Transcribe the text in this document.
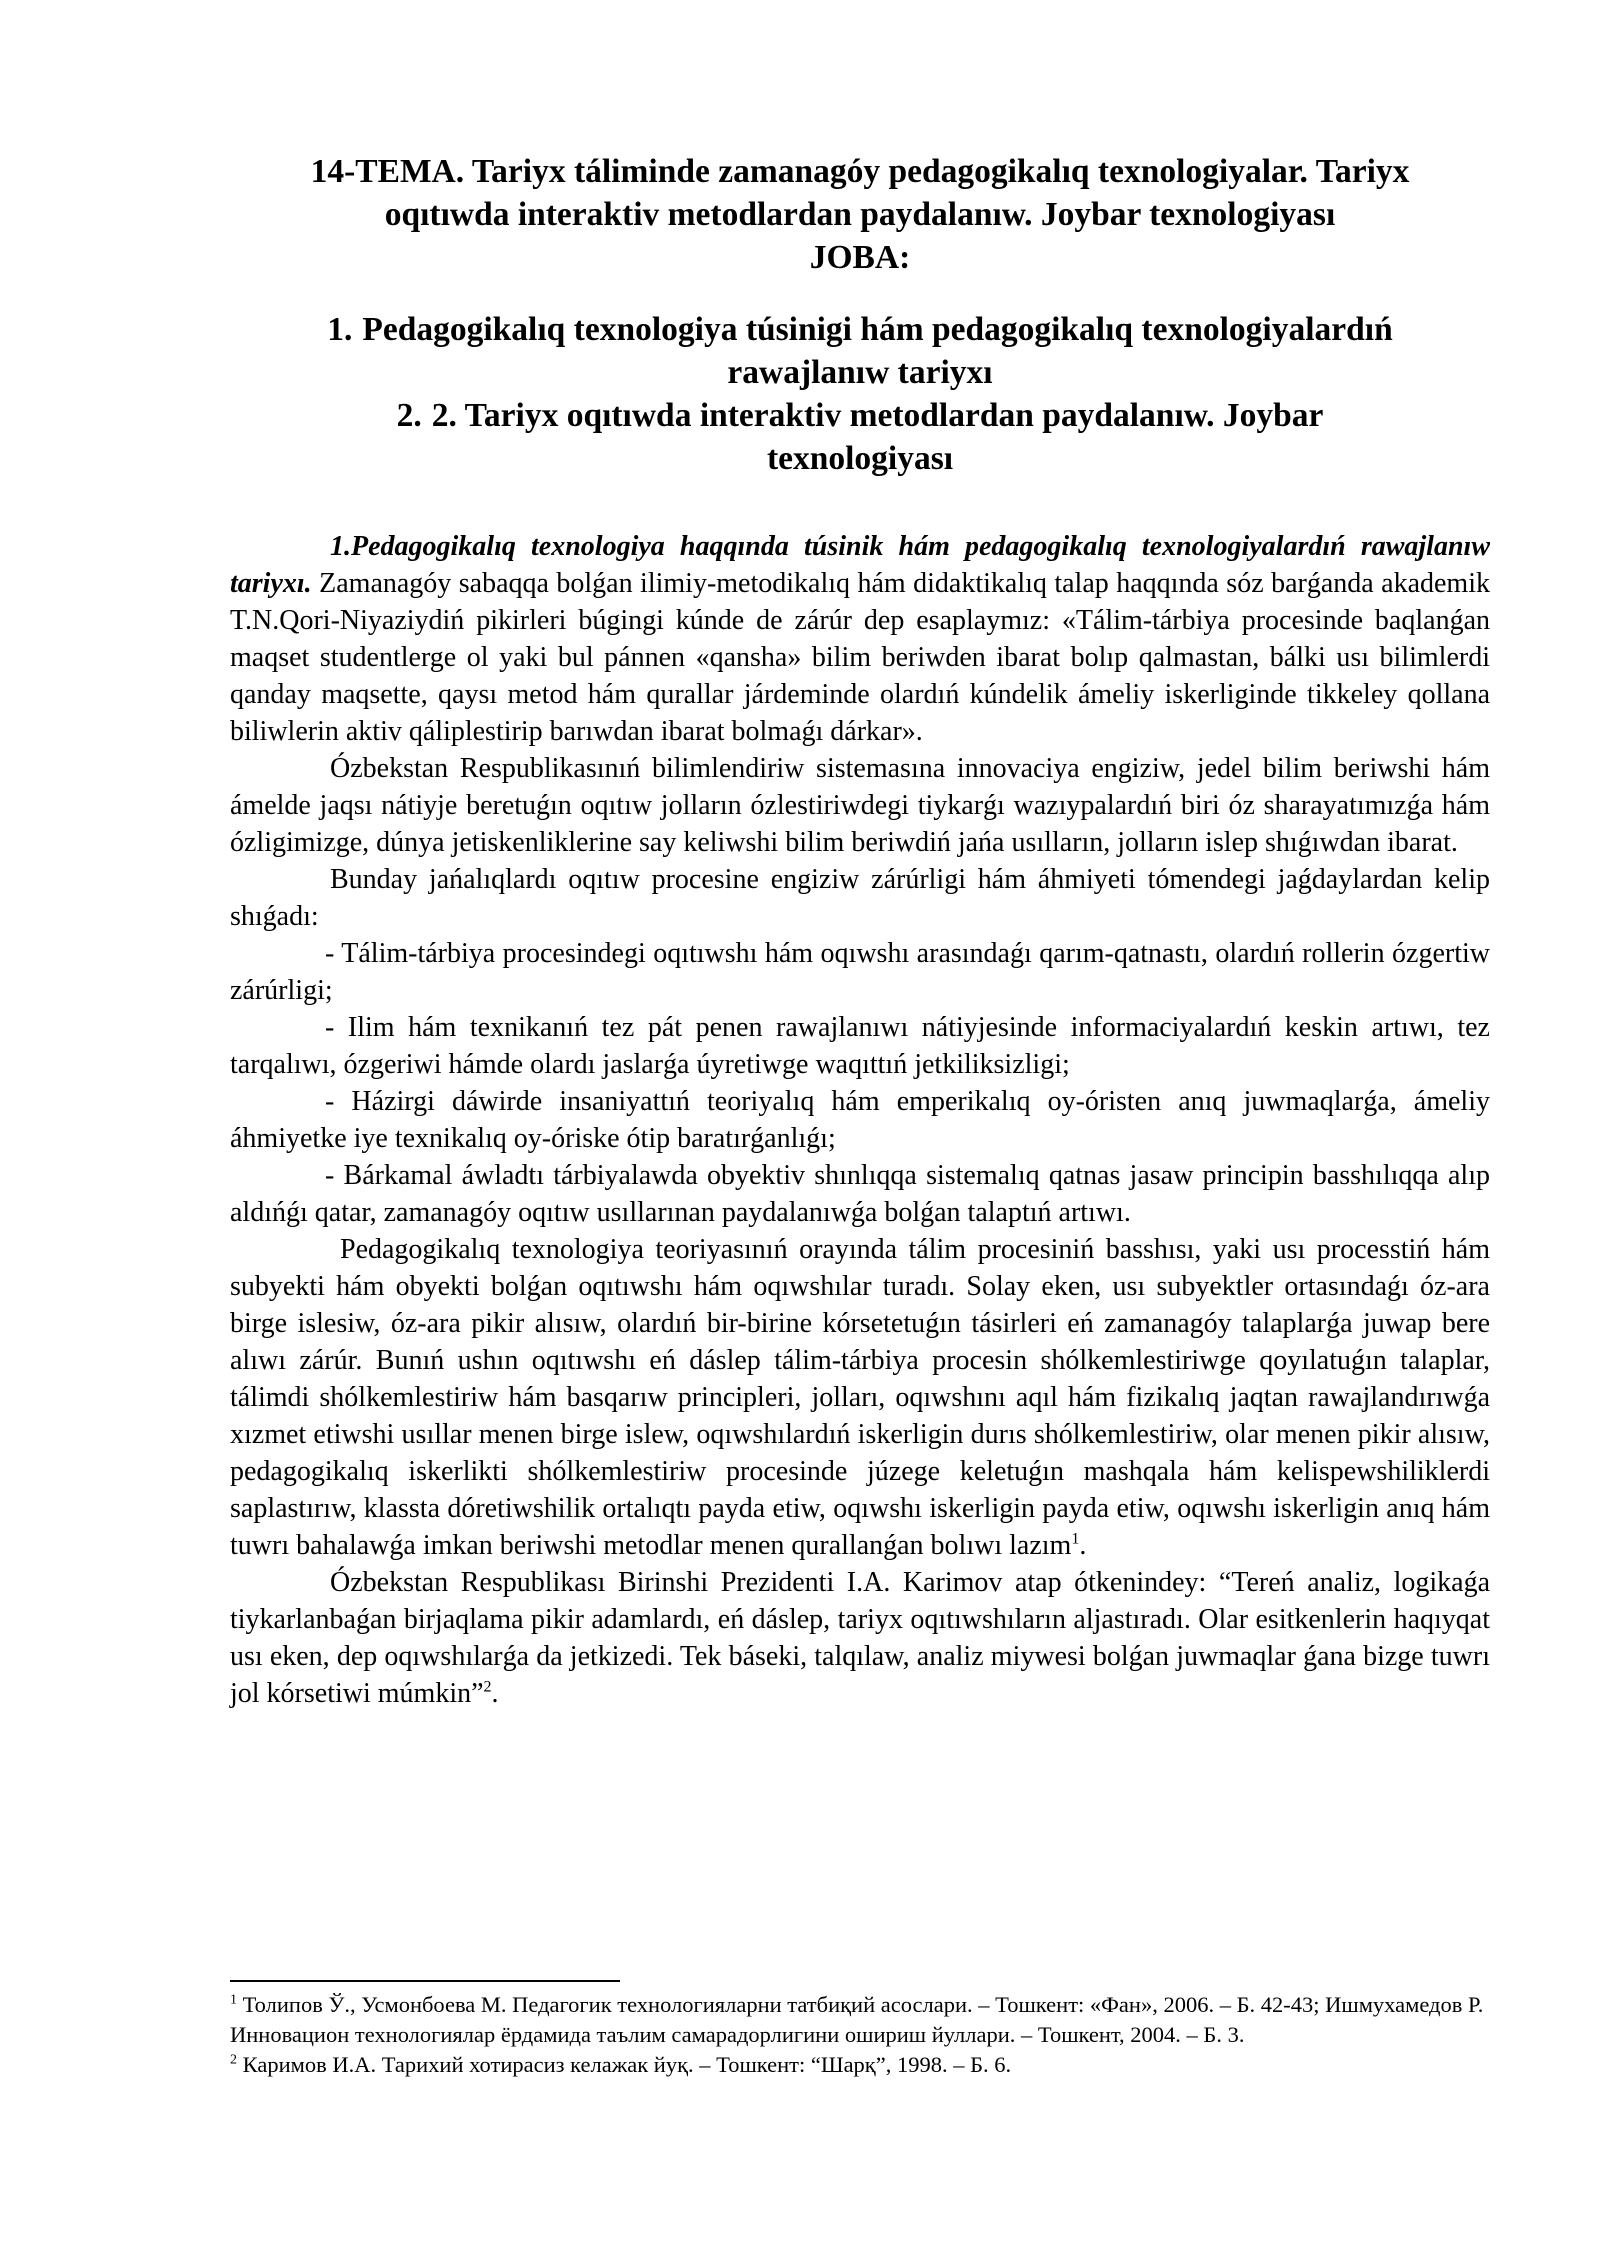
14-TEMA. Tariyx táliminde zamanagóy pedagogikalıq texnologiyalar. Tariyx
oqıtıwda interaktiv metodlardan paydalanıw. Joybar texnologiyası
JOBA:
1. Pedagogikalıq texnologiya túsinigi hám pedagogikalıq texnologiyalardıń
rawajlanıw tariyxı
2. 2. Tariyx oqıtıwda interaktiv metodlardan paydalanıw. Joybar
texnologiyası

1.Pedagogikalıq texnologiya haqqında túsinik hám pedagogikalıq texnologiyalardıń rawajlanıw tariyxı. Zamanagóy sabaqqa bolǵan ilimiy-metodikalıq hám didaktikalıq talap haqqında sóz barǵanda akademik T.N.Qori-Niyaziydiń pikirleri búgingi kúnde de zárúr dep esaplaymız: «Tálim-tárbiya procesinde baqlanǵan maqset studentlerge ol yaki bul pánnen «qansha» bilim beriwden ibarat bolıp qalmastan, bálki usı bilimlerdi qanday maqsette, qaysı metod hám qurallar járdeminde olardıń kúndelik ámeliy iskerliginde tikkeley qollana biliwlerin aktiv qáliplestirip barıwdan ibarat bolmaǵı dárkar».

Ózbekstan Respublikasınıń bilimlendiriw sistemasına innovaciya engiziw, jedel bilim beriwshi hám ámelde jaqsı nátiyje beretuǵın oqıtıw jolların ózlestiriwdegi tiykarǵı wazıypalardıń biri óz sharayatımızǵa hám ózligimizge, dúnya jetiskenliklerine say keliwshi bilim beriwdiń jańa usılların, jolların islep shıǵıwdan ibarat.

Bunday jańalıqlardı oqıtıw procesine engiziw zárúrligi hám áhmiyeti tómendegi jaǵdaylardan kelip shıǵadı:

- Tálim-tárbiya procesindegi oqıtıwshı hám oqıwshı arasındaǵı qarım-qatnastı, olardıń rollerin ózgertiw zárúrligi;

- Ilim hám texnikanıń tez pát penen rawajlanıwı nátiyjesinde informaciyalardıń keskin artıwı, tez tarqalıwı, ózgeriwi hámde olardı jaslarǵa úyretiwge waqıttıń jetkiliksizligi;

- Házirgi dáwirde insaniyattıń teoriyalıq hám emperikalıq oy-óristen anıq juwmaqlarǵa, ámeliy áhmiyetke iye texnikalıq oy-óriske ótip baratırǵanlıǵı;

- Bárkamal áwladtı tárbiyalawda obyektiv shınlıqqa sistemalıq qatnas jasaw principin basshılıqqa alıp aldıńǵı qatar, zamanagóy oqıtıw usıllarınan paydalanıwǵa bolǵan talaptıń artıwı.

Pedagogikalıq texnologiya teoriyasınıń orayında tálim procesiniń basshısı, yaki usı processtiń hám subyekti hám obyekti bolǵan oqıtıwshı hám oqıwshılar turadı. Solay eken, usı subyektler ortasındaǵı óz-ara birge islesiw, óz-ara pikir alısıw, olardıń bir-birine kórsetetuǵın tásirleri eń zamanagóy talaplarǵa juwap bere alıwı zárúr. Bunıń ushın oqıtıwshı eń dáslep tálim-tárbiya procesin shólkemlestiriwge qoyılatuǵın talaplar, tálimdi shólkemlestiriw hám basqarıw principleri, jolları, oqıwshını aqıl hám fizikalıq jaqtan rawajlandırıwǵa xızmet etiwshi usıllar menen birge islew, oqıwshılardıń iskerligin durıs shólkemlestiriw, olar menen pikir alısıw, pedagogikalıq iskerlikti shólkemlestiriw procesinde júzege keletuǵın mashqala hám kelispewshiliklerdi saplastırıw, klassta dóretiwshilik ortalıqtı payda etiw, oqıwshı iskerligin payda etiw, oqıwshı iskerligin anıq hám tuwrı bahalawǵa imkan beriwshi metodlar menen qurallanǵan bolıwı lazım$^1$.

Ózbekstan Respublikası Birinshi Prezidenti I.A. Karimov atap ótkenindey: “Tereń analiz, logikaǵa tiykarlanbaǵan birjaqlama pikir adamlardı, eń dáslep, tariyx oqıtıwshıların aljastıradı. Olar esitkenlerin haqıyqat usı eken, dep oqıwshılarǵa da jetkizedi. Tek báseki, talqılaw, analiz miywesi bolǵan juwmaqlar ǵana bizge tuwrı jol kórsetiwi múmkin”$^2$.

$^1$ Толипов Ў., Усмонбоева М. Педагогик технологияларни татбиқий асослари. – Тошкент: «Фан», 2006. – Б. 42-43; Ишмухамедов Р. Инновацион технологиялар ёрдамида таълим самарадорлигини ошириш йуллари. – Тошкент, 2004. – Б. 3.

$^2$ Каримов И.А. Тарихий хотирасиз келажак йуқ. – Тошкент: “Шарқ”, 1998. – Б. 6.
